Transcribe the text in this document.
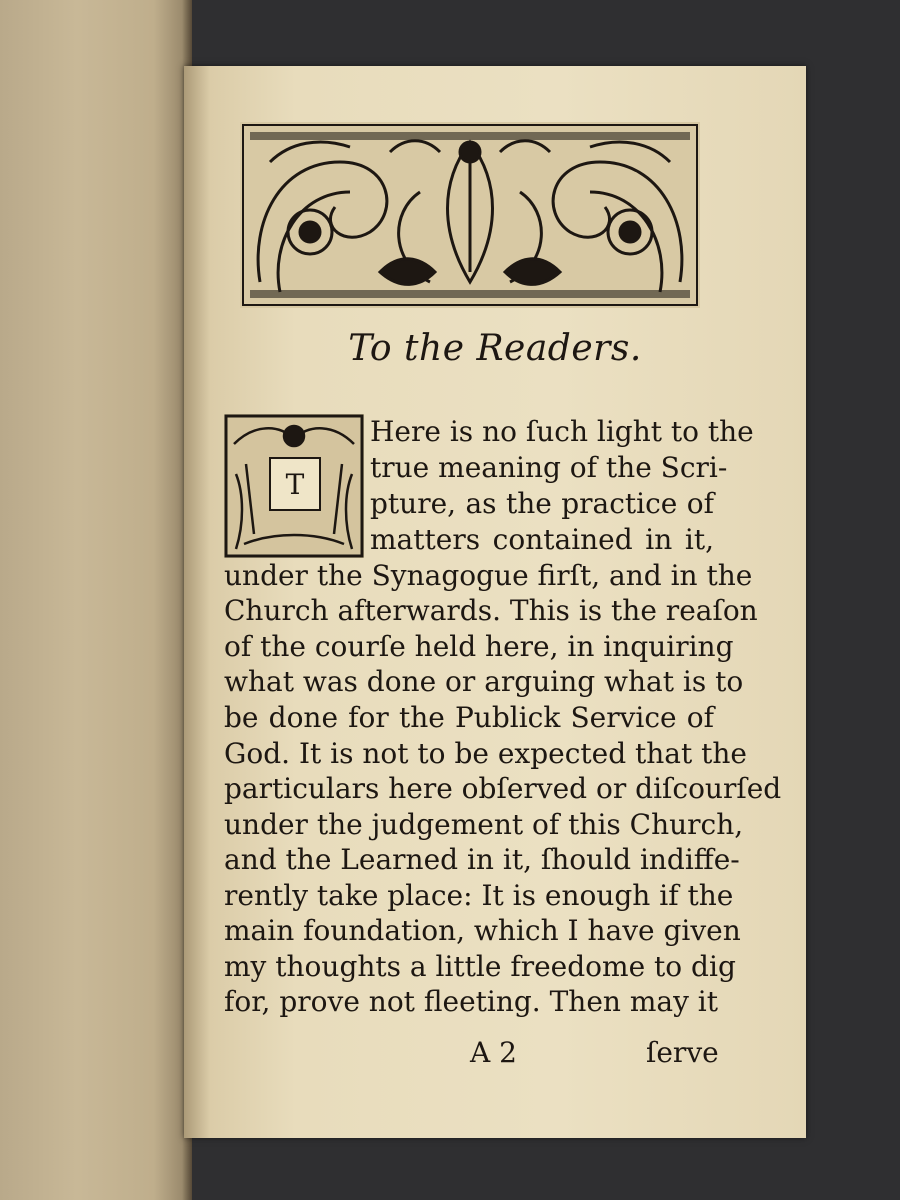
To the Readers.
T
Here is no ſuch light to the
true meaning of the Scri-
pture, as the practice of
matters contained in it,
under the Synagogue firſt, and in the
Church afterwards. This is the reaſon
of the courſe held here, in inquiring
what was done or arguing what is to
be done for the Publick Service of
God. It is not to be expected that the
particulars here obſerved or diſcourſed
under the judgement of this Church,
and the Learned in it, ſhould indiffe-
rently take place: It is enough if the
main foundation, which I have given
my thoughts a little freedome to dig
for, prove not fleeting. Then may it
A 2	ſerve
